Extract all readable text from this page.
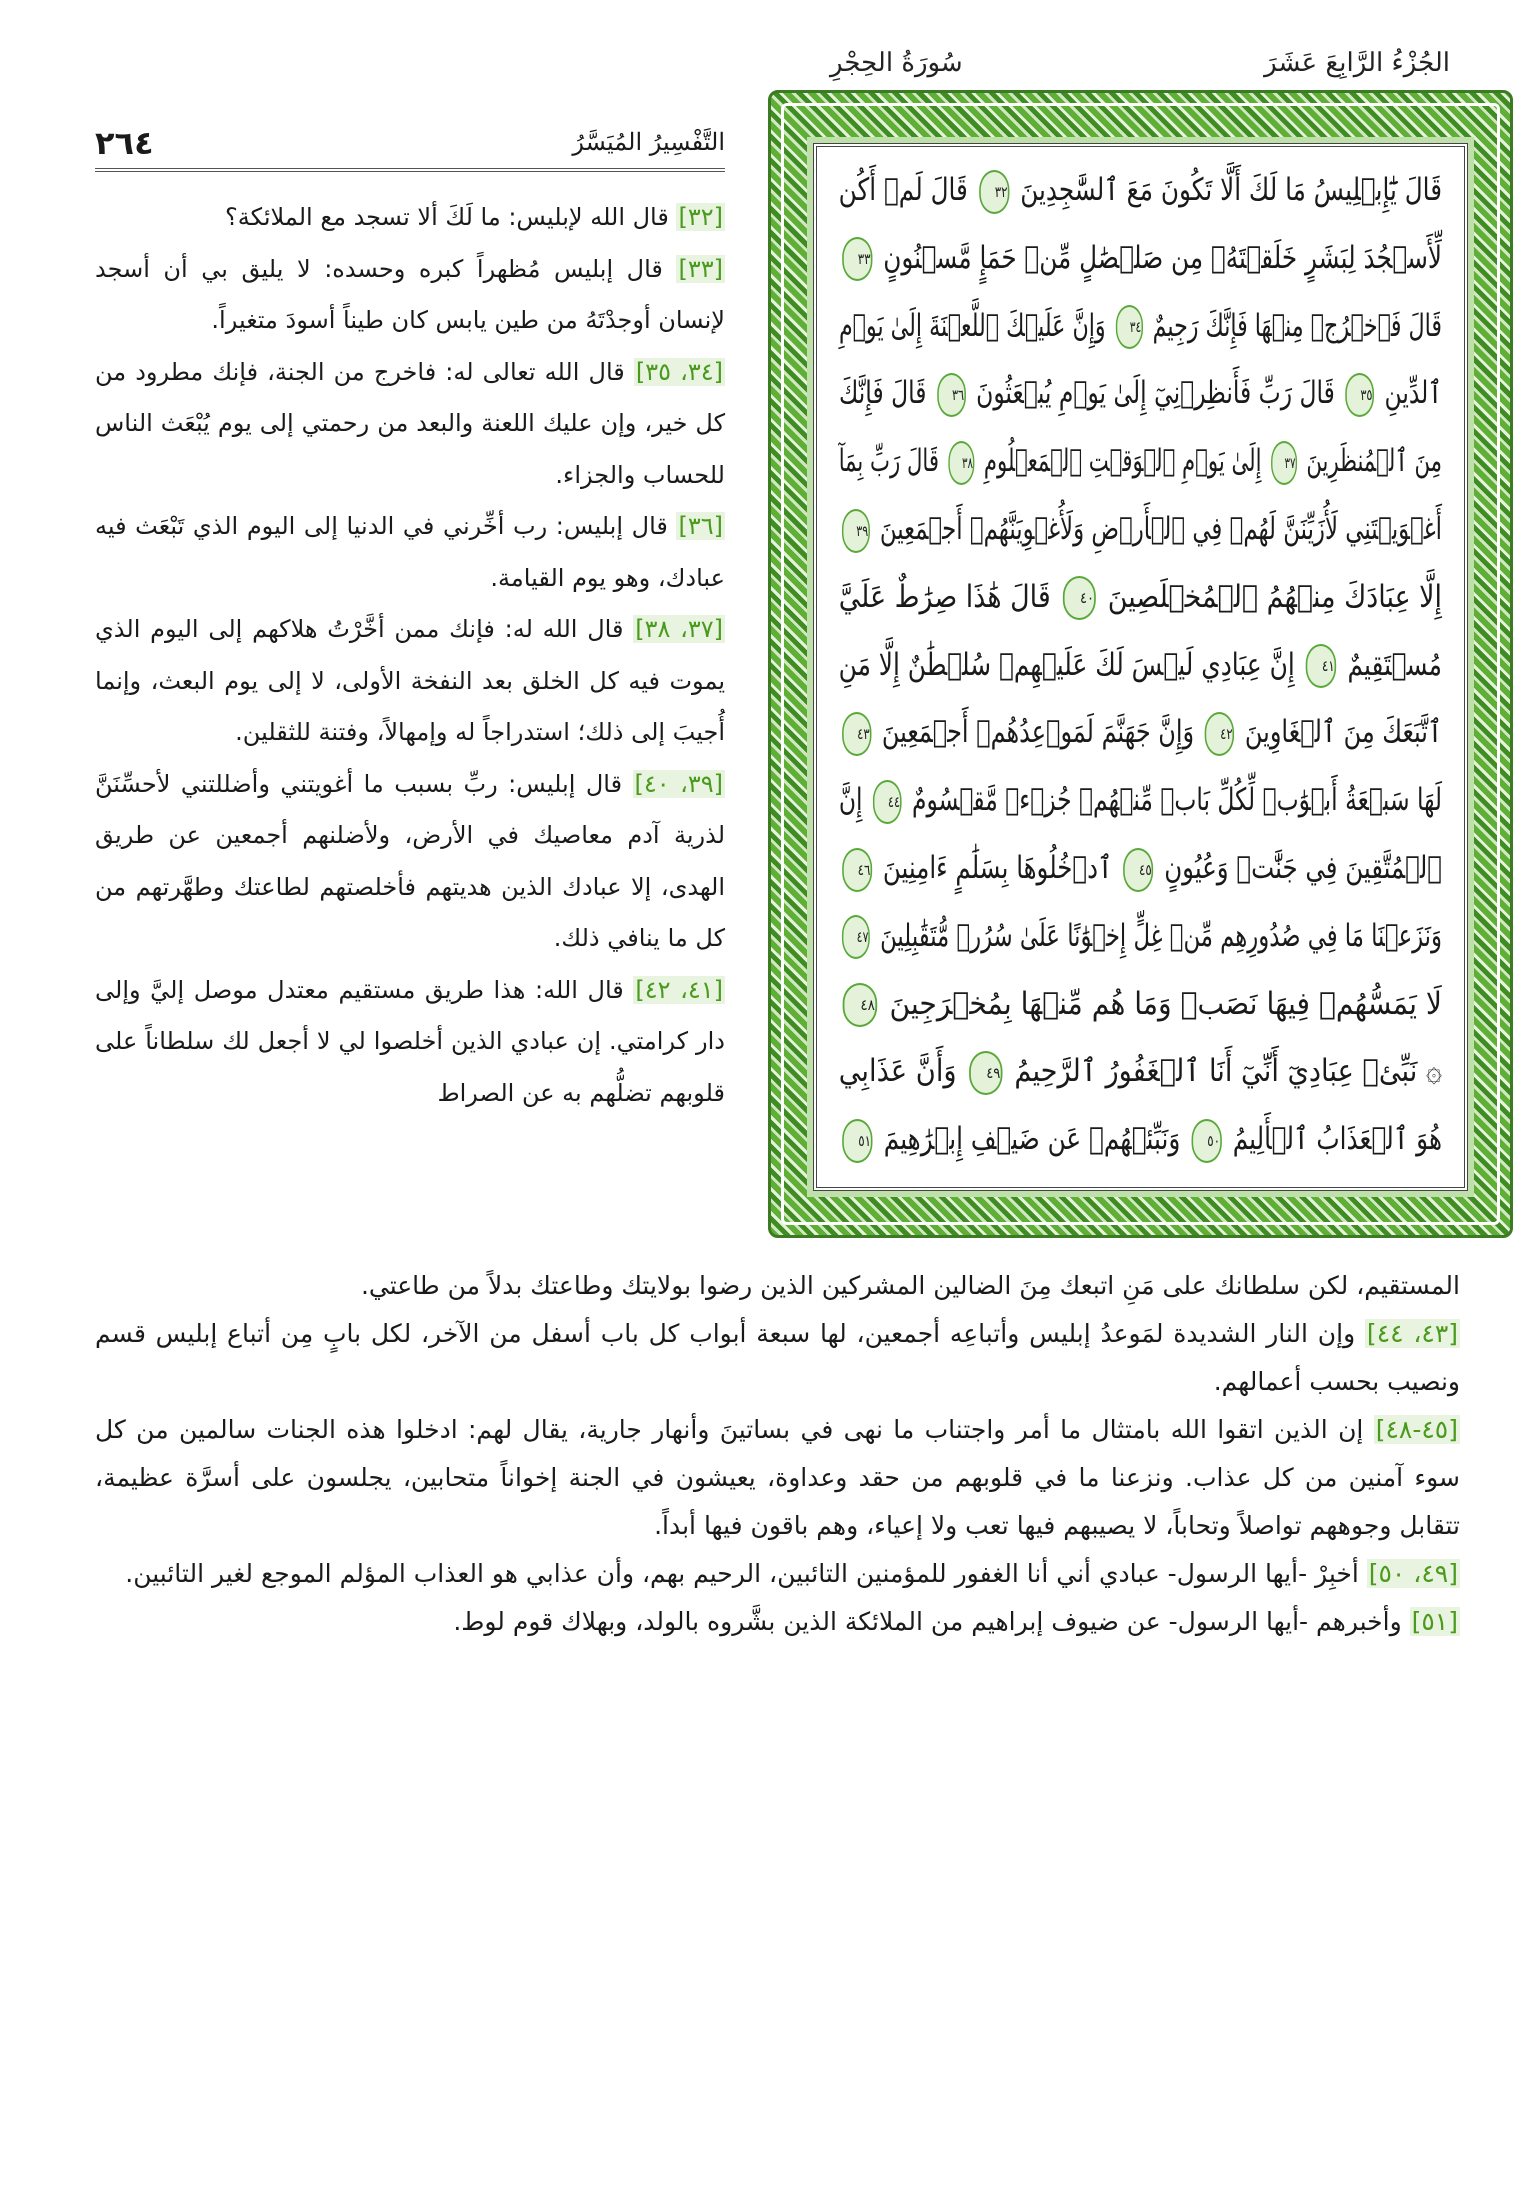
الجُزْءُ الرَّابِعَ عَشَرَ
سُورَةُ الحِجْرِ
قَالَ يَٰٓإِبۡلِيسُ مَا لَكَ أَلَّا تَكُونَ مَعَ ٱلسَّٰجِدِينَ ٣٢ قَالَ لَمۡ أَكُن
لِّأَسۡجُدَ لِبَشَرٍ خَلَقۡتَهُۥ مِن صَلۡصَٰلٍ مِّنۡ حَمَإٍ مَّسۡنُونٍ ٣٣
قَالَ فَٱخۡرُجۡ مِنۡهَا فَإِنَّكَ رَجِيمٌ ٣٤ وَإِنَّ عَلَيۡكَ ٱللَّعۡنَةَ إِلَىٰ يَوۡمِ
ٱلدِّينِ ٣٥ قَالَ رَبِّ فَأَنظِرۡنِيٓ إِلَىٰ يَوۡمِ يُبۡعَثُونَ ٣٦ قَالَ فَإِنَّكَ
مِنَ ٱلۡمُنظَرِينَ ٣٧ إِلَىٰ يَوۡمِ ٱلۡوَقۡتِ ٱلۡمَعۡلُومِ ٣٨ قَالَ رَبِّ بِمَآ
أَغۡوَيۡتَنِي لَأُزَيِّنَنَّ لَهُمۡ فِي ٱلۡأَرۡضِ وَلَأُغۡوِيَنَّهُمۡ أَجۡمَعِينَ ٣٩
إِلَّا عِبَادَكَ مِنۡهُمُ ٱلۡمُخۡلَصِينَ ٤٠ قَالَ هَٰذَا صِرَٰطٌ عَلَيَّ
مُسۡتَقِيمٌ ٤١ إِنَّ عِبَادِي لَيۡسَ لَكَ عَلَيۡهِمۡ سُلۡطَٰنٌ إِلَّا مَنِ
ٱتَّبَعَكَ مِنَ ٱلۡغَاوِينَ ٤٢ وَإِنَّ جَهَنَّمَ لَمَوۡعِدُهُمۡ أَجۡمَعِينَ ٤٣
لَهَا سَبۡعَةُ أَبۡوَٰبٖ لِّكُلِّ بَابٖ مِّنۡهُمۡ جُزۡءٞ مَّقۡسُومٌ ٤٤ إِنَّ
ٱلۡمُتَّقِينَ فِي جَنَّٰتٖ وَعُيُونٍ ٤٥ ٱدۡخُلُوهَا بِسَلَٰمٍ ءَامِنِينَ ٤٦
وَنَزَعۡنَا مَا فِي صُدُورِهِم مِّنۡ غِلٍّ إِخۡوَٰنًا عَلَىٰ سُرُرٖ مُّتَقَٰبِلِينَ ٤٧
لَا يَمَسُّهُمۡ فِيهَا نَصَبٞ وَمَا هُم مِّنۡهَا بِمُخۡرَجِينَ ٤٨
۞ نَبِّئۡ عِبَادِيٓ أَنِّيٓ أَنَا ٱلۡغَفُورُ ٱلرَّحِيمُ ٤٩ وَأَنَّ عَذَابِي
هُوَ ٱلۡعَذَابُ ٱلۡأَلِيمُ ٥٠ وَنَبِّئۡهُمۡ عَن ضَيۡفِ إِبۡرَٰهِيمَ ٥١
التَّفْسِيرُ المُيَسَّرُ
٢٦٤

[٣٢] قال الله لإبليس: ما لَكَ ألا تسجد مع الملائكة؟

[٣٣] قال إبليس مُظهراً كبره وحسده: لا يليق بي أن أسجد لإنسان أوجدْتَهُ من طين يابس كان طيناً أسودَ متغيراً.

[٣٤، ٣٥] قال الله تعالى له: فاخرج من الجنة، فإنك مطرود من كل خير، وإن عليك اللعنة والبعد من رحمتي إلى يوم يُبْعَث الناس للحساب والجزاء.

[٣٦] قال إبليس: رب أخِّرني في الدنيا إلى اليوم الذي تَبْعَث فيه عبادك، وهو يوم القيامة.

[٣٧، ٣٨] قال الله له: فإنك ممن أخَّرْتُ هلاكهم إلى اليوم الذي يموت فيه كل الخلق بعد النفخة الأولى، لا إلى يوم البعث، وإنما أُجيبَ إلى ذلك؛ استدراجاً له وإمهالاً، وفتنة للثقلين.

[٣٩، ٤٠] قال إبليس: ربِّ بسبب ما أغويتني وأضللتني لأحسِّنَنَّ لذرية آدم معاصيك في الأرض، ولأضلنهم أجمعين عن طريق الهدى، إلا عبادك الذين هديتهم فأخلصتهم لطاعتك وطهَّرتهم من كل ما ينافي ذلك.

[٤١، ٤٢] قال الله: هذا طريق مستقيم معتدل موصل إليَّ وإلى دار كرامتي. إن عبادي الذين أخلصوا لي لا أجعل لك سلطاناً على قلوبهم تضلُّهم به عن الصراط

المستقيم، لكن سلطانك على مَنِ اتبعك مِنَ الضالين المشركين الذين رضوا بولايتك وطاعتك بدلاً من طاعتي.

[٤٣، ٤٤] وإن النار الشديدة لمَوعدُ إبليس وأتباعِه أجمعين، لها سبعة أبواب كل باب أسفل من الآخر، لكل بابٍ مِن أتباع إبليس قسم ونصيب بحسب أعمالهم.

[٤٥-٤٨] إن الذين اتقوا الله بامتثال ما أمر واجتناب ما نهى في بساتينَ وأنهار جارية، يقال لهم: ادخلوا هذه الجنات سالمين من كل سوء آمنين من كل عذاب. ونزعنا ما في قلوبهم من حقد وعداوة، يعيشون في الجنة إخواناً متحابين، يجلسون على أسرَّة عظيمة، تتقابل وجوههم تواصلاً وتحاباً، لا يصيبهم فيها تعب ولا إعياء، وهم باقون فيها أبداً.

[٤٩، ٥٠] أخبِرْ -أيها الرسول- عبادي أني أنا الغفور للمؤمنين التائبين، الرحيم بهم، وأن عذابي هو العذاب المؤلم الموجع لغير التائبين.

[٥١] وأخبرهم -أيها الرسول- عن ضيوف إبراهيم من الملائكة الذين بشَّروه بالولد، وبهلاك قوم لوط.
